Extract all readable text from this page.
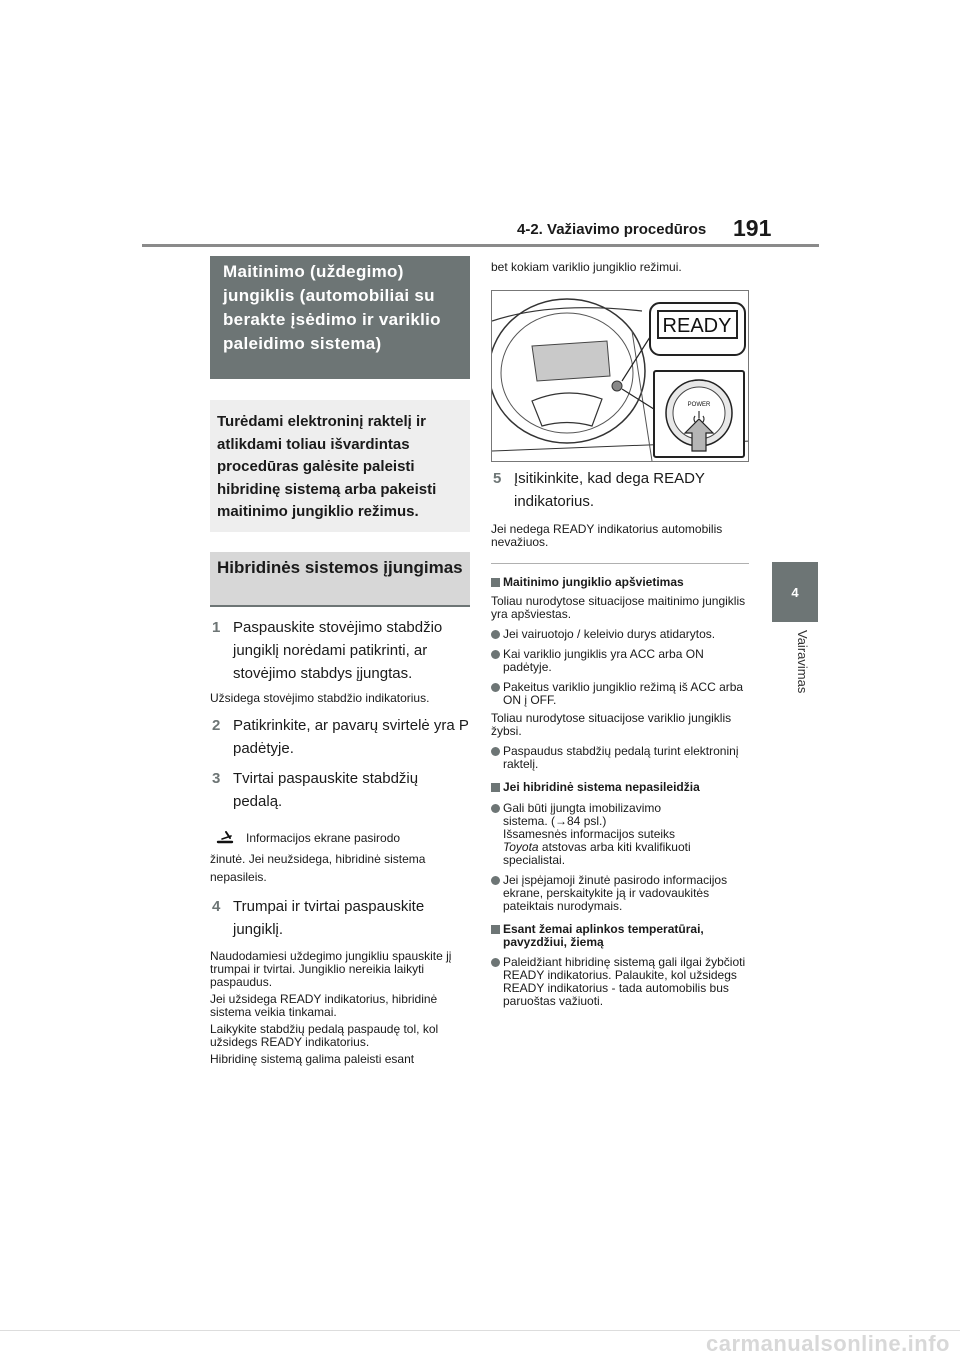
4-2. Važiavimo procedūros 191
4
Vairavimas
Maitinimo (uždegimo) jungiklis (automobiliai su berakte įsėdimo ir variklio paleidimo sistema)
Turėdami elektroninį raktelį ir atlikdami toliau išvardintas procedūras galėsite paleisti hibridinę sistemą arba pakeisti maitinimo jungiklio režimus.
Hibridinės sistemos įjungimas
1 Paspauskite stovėjimo stabdžio jungiklį norėdami patikrinti, ar stovėjimo stabdys įjungtas.
Užsidega stovėjimo stabdžio indikatorius.
2 Patikrinkite, ar pavarų svirtelė yra P padėtyje.
3 Tvirtai paspauskite stabdžių pedalą.
Informacijos ekrane pasirodo
žinutė. Jei neužsidega, hibridinė sistema nepasileis.
4 Trumpai ir tvirtai paspauskite jungiklį.
Naudodamiesi uždegimo jungikliu spauskite jį trumpai ir tvirtai. Jungiklio nereikia laikyti paspaudus.
Jei užsidega READY indikatorius, hibridinė sistema veikia tinkamai.
Laikykite stabdžių pedalą paspaudę tol, kol užsidegs READY indikatorius.
Hibridinę sistemą galima paleisti esant
bet kokiam variklio jungiklio režimui.
READY
POWER
5 Įsitikinkite, kad dega READY indikatorius.
Jei nedega READY indikatorius automobilis nevažiuos.
Maitinimo jungiklio apšvietimas
Toliau nurodytose situacijose maitinimo jungiklis yra apšviestas.
Jei vairuotojo / keleivio durys atidarytos.
Kai variklio jungiklis yra ACC arba ON padėtyje.
Pakeitus variklio jungiklio režimą iš ACC arba ON į OFF.
Toliau nurodytose situacijose variklio jungiklis žybsi.
Paspaudus stabdžių pedalą turint elektroninį raktelį.
Jei hibridinė sistema nepasileidžia
Gali būti įjungta imobilizavimo
sistema. (→84 psl.)
Išsamesnės informacijos suteiks
Toyota atstovas arba kiti kvalifikuoti
specialistai.
Jei įspėjamoji žinutė pasirodo informacijos ekrane, perskaitykite ją ir vadovaukitės pateiktais nurodymais.
Esant žemai aplinkos temperatūrai, pavyzdžiui, žiemą
Paleidžiant hibridinę sistemą gali ilgai žybčioti READY indikatorius. Palaukite, kol užsidegs READY indikatorius - tada automobilis bus paruoštas važiuoti.
carmanualsonline.info
